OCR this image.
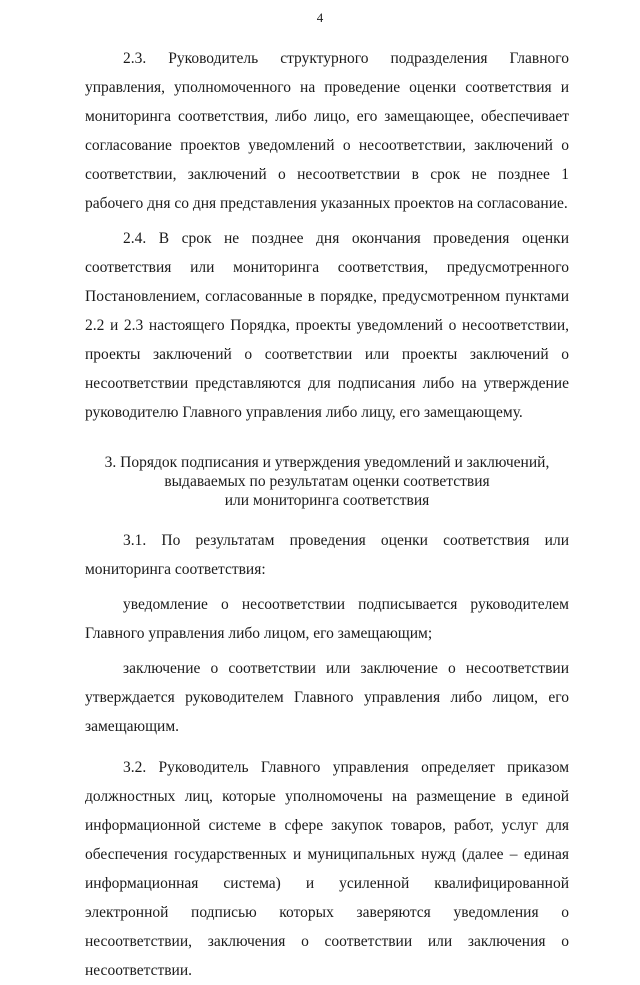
4

2.3. Руководитель структурного подразделения Главного управления, уполномоченного на проведение оценки соответствия и мониторинга соответствия, либо лицо, его замещающее, обеспечивает согласование проектов уведомлений о несоответствии, заключений о соответствии, заключений о несоответствии в срок не позднее 1 рабочего дня со дня представления указанных проектов на согласование.

2.4. В срок не позднее дня окончания проведения оценки соответствия или мониторинга соответствия, предусмотренного Постановлением, согласованные в порядке, предусмотренном пунктами 2.2 и 2.3 настоящего Порядка, проекты уведомлений о несоответствии, проекты заключений о соответствии или проекты заключений о несоответствии представляются для подписания либо на утверждение руководителю Главного управления либо лицу, его замещающему.

3. Порядок подписания и утверждения уведомлений и заключений,
выдаваемых по результатам оценки соответствия
или мониторинга соответствия

3.1. По результатам проведения оценки соответствия или мониторинга соответствия:

уведомление о несоответствии подписывается руководителем Главного управления либо лицом, его замещающим;

заключение о соответствии или заключение о несоответствии утверждается руководителем Главного управления либо лицом, его замещающим.

3.2. Руководитель Главного управления определяет приказом должностных лиц, которые уполномочены на размещение в единой информационной системе в сфере закупок товаров, работ, услуг для обеспечения государственных и муниципальных нужд (далее – единая информационная система) и усиленной квалифицированной электронной подписью которых заверяются уведомления о несоответствии, заключения о соответствии или заключения о несоответствии.
